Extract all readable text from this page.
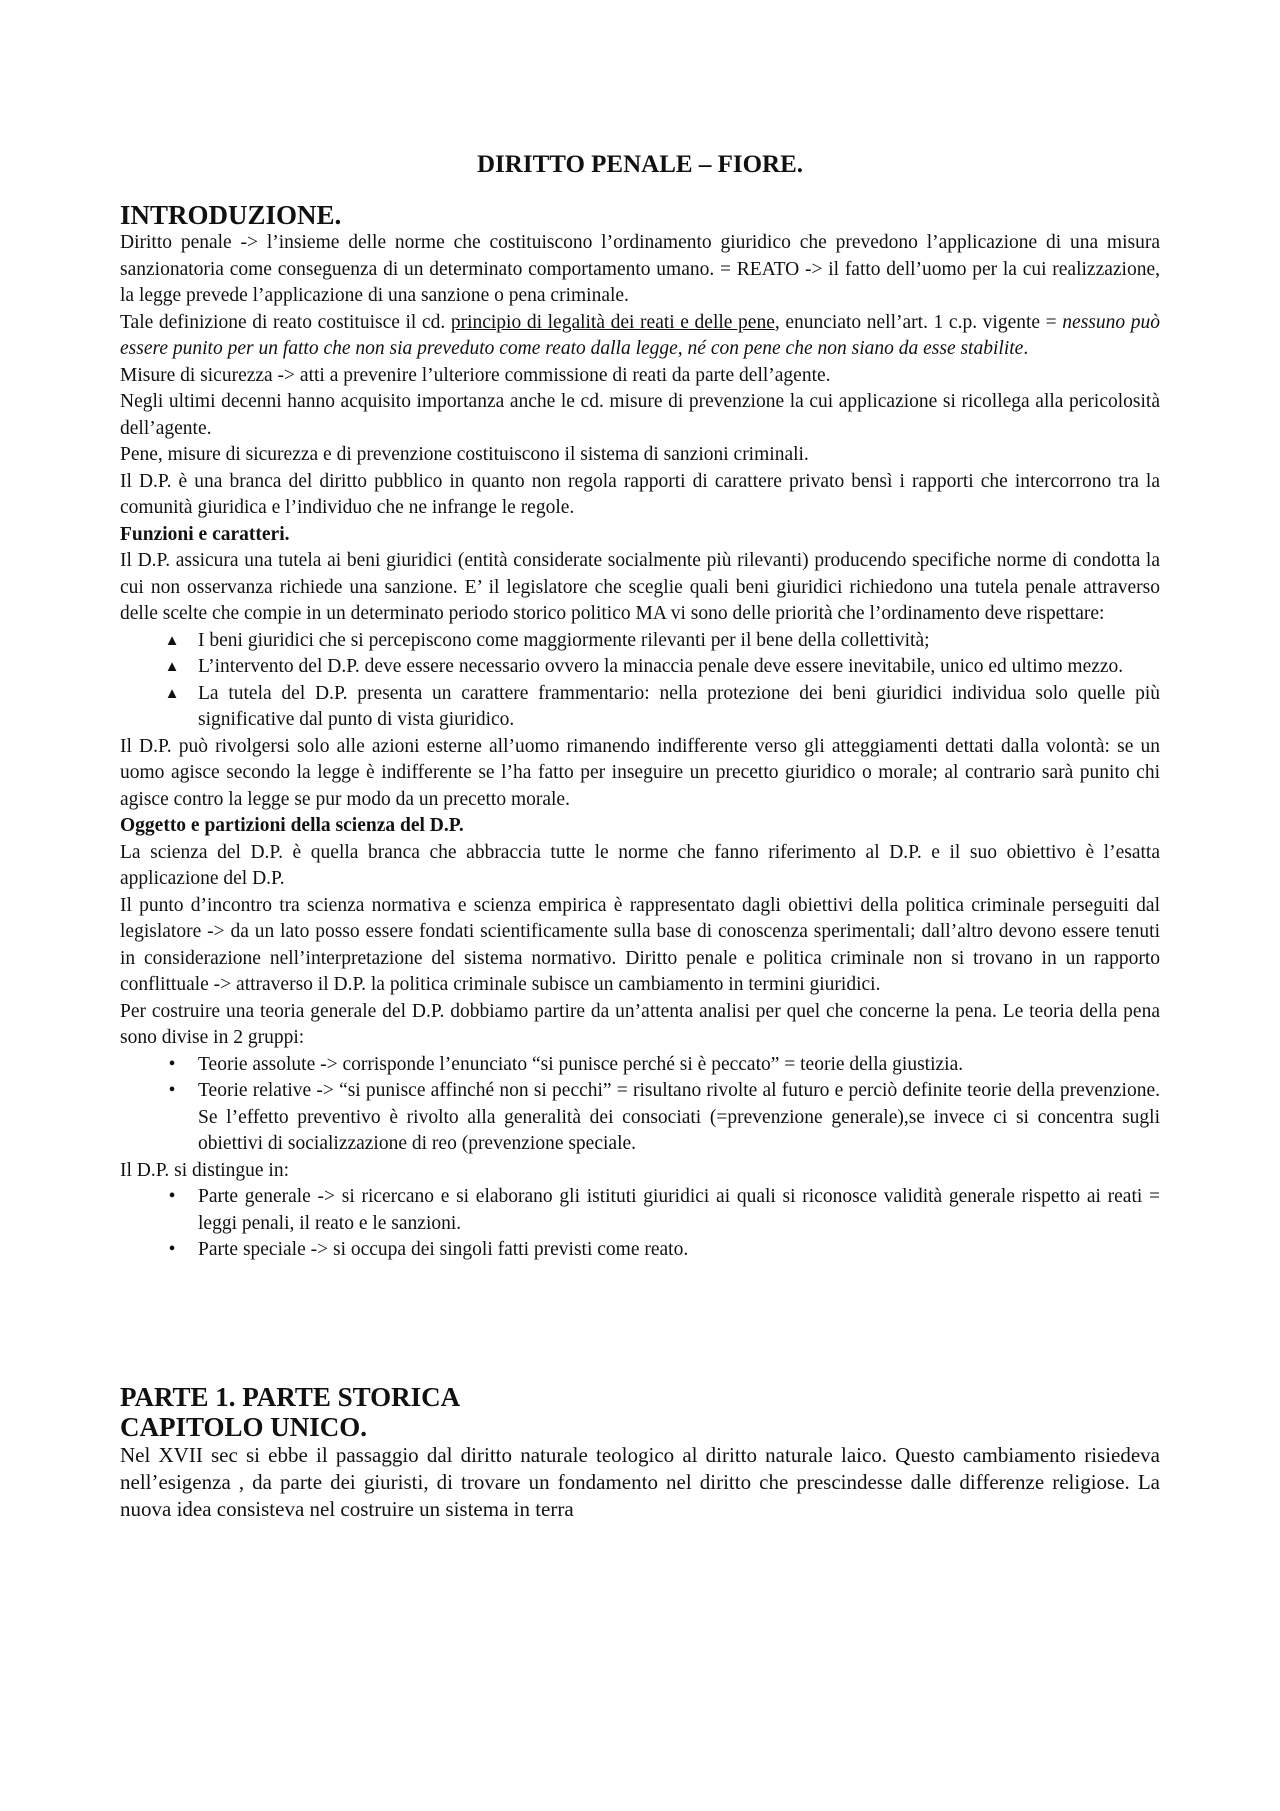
DIRITTO PENALE – FIORE.
INTRODUZIONE.

Diritto penale -> l’insieme delle norme che costituiscono l’ordinamento giuridico che prevedono l’applicazione di una misura sanzionatoria come conseguenza di un determinato comportamento umano. = REATO -> il fatto dell’uomo per la cui realizzazione, la legge prevede l’applicazione di una sanzione o pena criminale.

Tale definizione di reato costituisce il cd. principio di legalità dei reati e delle pene, enunciato nell’art. 1 c.p. vigente = nessuno può essere punito per un fatto che non sia preveduto come reato dalla legge, né con pene che non siano da esse stabilite.

Misure di sicurezza -> atti a prevenire l’ulteriore commissione di reati da parte dell’agente.

Negli ultimi decenni hanno acquisito importanza anche le cd. misure di prevenzione la cui applicazione si ricollega alla pericolosità dell’agente.

Pene, misure di sicurezza e di prevenzione costituiscono il sistema di sanzioni criminali.

Il D.P. è una branca del diritto pubblico in quanto non regola rapporti di carattere privato bensì i rapporti che intercorrono tra la comunità giuridica e l’individuo che ne infrange le regole.

Funzioni e caratteri.

Il D.P. assicura una tutela ai beni giuridici (entità considerate socialmente più rilevanti) producendo specifiche norme di condotta la cui non osservanza richiede una sanzione. E’ il legislatore che sceglie quali beni giuridici richiedono una tutela penale attraverso delle scelte che compie in un determinato periodo storico politico MA vi sono delle priorità che l’ordinamento deve rispettare:

▲ I beni giuridici che si percepiscono come maggiormente rilevanti per il bene della collettività;
▲ L’intervento del D.P. deve essere necessario ovvero la minaccia penale deve essere inevitabile, unico ed ultimo mezzo.
▲ La tutela del D.P. presenta un carattere frammentario: nella protezione dei beni giuridici individua solo quelle più significative dal punto di vista giuridico.

Il D.P. può rivolgersi solo alle azioni esterne all’uomo rimanendo indifferente verso gli atteggiamenti dettati dalla volontà: se un uomo agisce secondo la legge è indifferente se l’ha fatto per inseguire un precetto giuridico o morale; al contrario sarà punito chi agisce contro la legge se pur modo da un precetto morale.

Oggetto e partizioni della scienza del D.P.

La scienza del D.P. è quella branca che abbraccia tutte le norme che fanno riferimento al D.P. e il suo obiettivo è l’esatta applicazione del D.P.

Il punto d’incontro tra scienza normativa e scienza empirica è rappresentato dagli obiettivi della politica criminale perseguiti dal legislatore -> da un lato posso essere fondati scientificamente sulla base di conoscenza sperimentali; dall’altro devono essere tenuti in considerazione nell’interpretazione del sistema normativo. Diritto penale e politica criminale non si trovano in un rapporto conflittuale -> attraverso il D.P. la politica criminale subisce un cambiamento in termini giuridici.

Per costruire una teoria generale del D.P. dobbiamo partire da un’attenta analisi per quel che concerne la pena. Le teoria della pena sono divise in 2 gruppi:

•	Teorie assolute -> corrisponde l’enunciato “si punisce perché si è peccato” = teorie della giustizia.
•	Teorie relative -> “si punisce affinché non si pecchi” = risultano rivolte al futuro e perciò definite teorie della prevenzione. Se l’effetto preventivo è rivolto alla generalità dei consociati (=prevenzione generale),se invece ci si concentra sugli obiettivi di socializzazione di reo (prevenzione speciale.

Il D.P. si distingue in:

•	Parte generale -> si ricercano e si elaborano gli istituti giuridici ai quali si riconosce validità generale rispetto ai reati = leggi penali, il reato e le sanzioni.
•	Parte speciale -> si occupa dei singoli fatti previsti come reato.
PARTE 1. PARTE STORICA
CAPITOLO UNICO.

Nel XVII sec si ebbe il passaggio dal diritto naturale teologico al diritto naturale laico. Questo cambiamento risiedeva nell’esigenza , da parte dei giuristi, di trovare un fondamento nel diritto che prescindesse dalle differenze religiose. La nuova idea consisteva nel costruire un sistema in terra
